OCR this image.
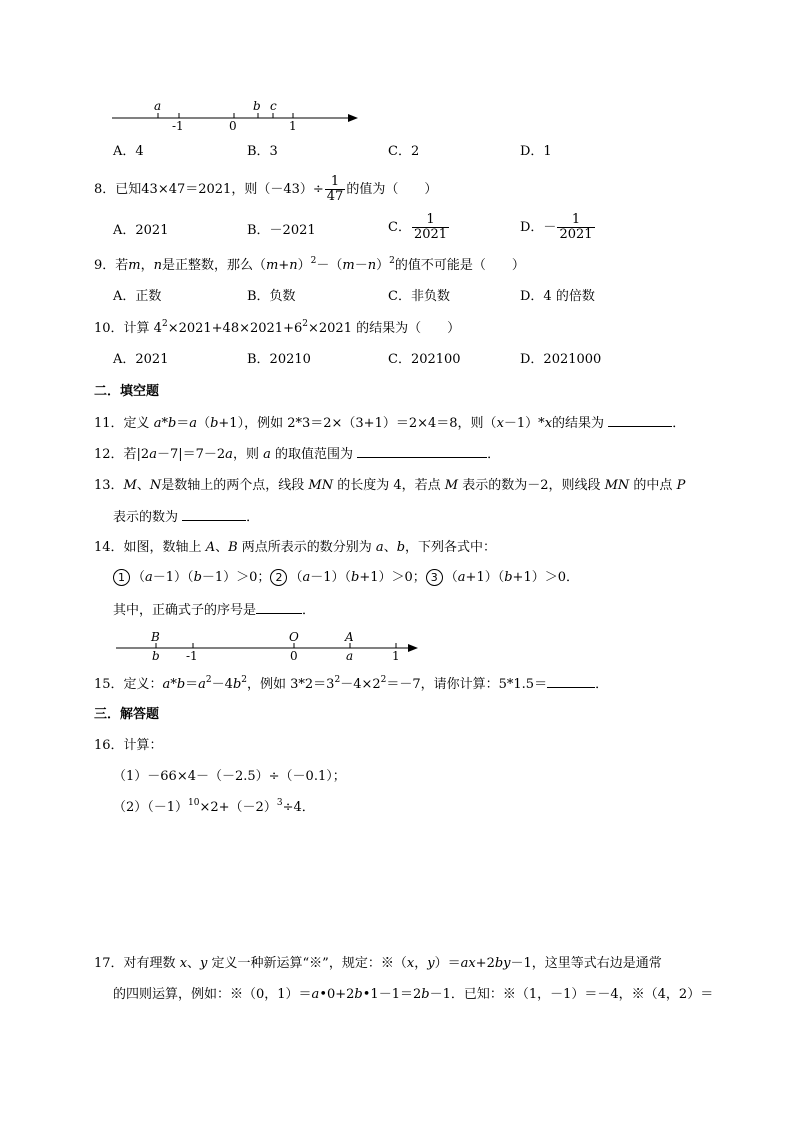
a	b c
-1	0	1
A．4	B．3	C．2	D．1
8．已知43×47＝2021，则$(-43)\div \frac{1}{47}$ 的值为（　　）
A．2021	B．－2021	C． $\frac{1}{2021}$	D．－ $\frac{1}{2021}$
9．若m，n是正整数，那么$(m+n)^2-(m-n)^2$的值不可能是（　　）
A．正数	B．负数	C．非负数	D．4 的倍数
10．计算 $4^2\times 2021+48\times 2021+6^2\times 2021$ 的结果为（　　）
A．2021	B．20210	C．202100	D．2021000
二．填空题
11．定义 a*b＝a（b+1），例如 2*3＝2×（3+1）＝2×4＝8，则（x－1）*x的结果为	．
12．若|2a－7|＝7－2a，则 a 的取值范围为	．
13．M、N是数轴上的两个点，线段 MN 的长度为 4，若点 M 表示的数为－2，则线段 MN 的中点 P
表示的数为	．
14．如图，数轴上 A、B 两点所表示的数分别为 a、b，下列各式中：
1 （a－1）（b－1）＞0； 2 （a－1）（b+1）＞0； 3 （a+1）（b+1）＞0．
其中，正确式子的序号是	．
B
b -1
O
0
A
a	1
15．定义：$a*b=a^2-4b^2$，例如 $3*2=3^2-4\times 2^2=-7$，请你计算：5*1.5＝	．
三．解答题
16．计算：
（1）－66×4－（－2.5）÷（－0.1）；
$(2)(-1)^{10}\times 2+(-2)^3\div 4$．
17．对有理数 x、y 定义一种新运算“※”，规定：※（x，y）＝ax+2by－1，这里等式右边是通常
的四则运算，例如：※（0，1）＝a•0+2b•1－1＝2b－1．已知：※（1，－1）＝－4，※（4，2）＝
